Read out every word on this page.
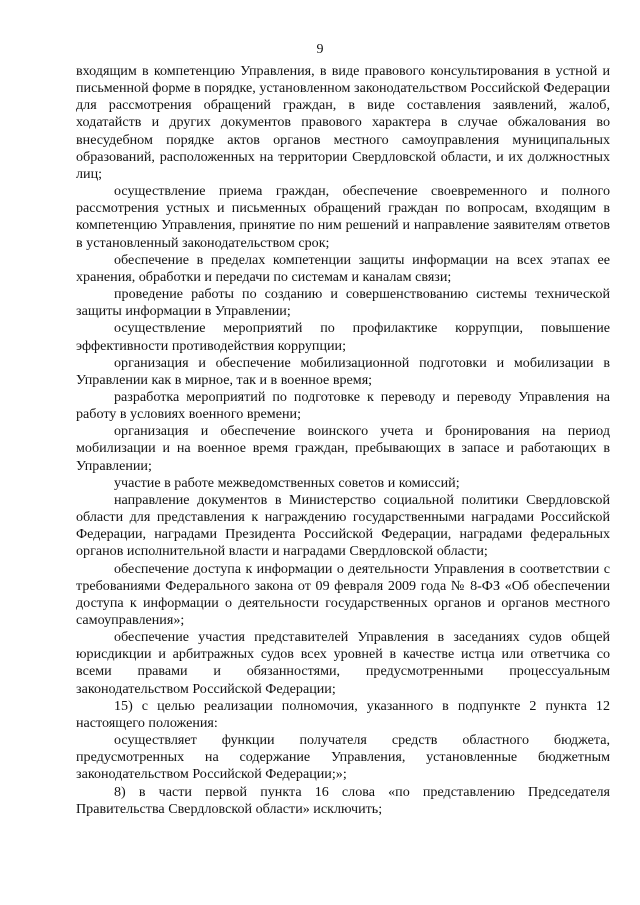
9

входящим в компетенцию Управления, в виде правового консультирования в устной и письменной форме в порядке, установленном законодательством Российской Федерации для рассмотрения обращений граждан, в виде составления заявлений, жалоб, ходатайств и других документов правового характера в случае обжалования во внесудебном порядке актов органов местного самоуправления муниципальных образований, расположенных на территории Свердловской области, и их должностных лиц;

осуществление приема граждан, обеспечение своевременного и полного рассмотрения устных и письменных обращений граждан по вопросам, входящим в компетенцию Управления, принятие по ним решений и направление заявителям ответов в установленный законодательством срок;

обеспечение в пределах компетенции защиты информации на всех этапах ее хранения, обработки и передачи по системам и каналам связи;

проведение работы по созданию и совершенствованию системы технической защиты информации в Управлении;

осуществление мероприятий по профилактике коррупции, повышение эффективности противодействия коррупции;

организация и обеспечение мобилизационной подготовки и мобилизации в Управлении как в мирное, так и в военное время;

разработка мероприятий по подготовке к переводу и переводу Управления на работу в условиях военного времени;

организация и обеспечение воинского учета и бронирования на период мобилизации и на военное время граждан, пребывающих в запасе и работающих в Управлении;

участие в работе межведомственных советов и комиссий;

направление документов в Министерство социальной политики Свердловской области для представления к награждению государственными наградами Российской Федерации, наградами Президента Российской Федерации, наградами федеральных органов исполнительной власти и наградами Свердловской области;

обеспечение доступа к информации о деятельности Управления в соответствии с требованиями Федерального закона от 09 февраля 2009 года № 8-ФЗ «Об обеспечении доступа к информации о деятельности государственных органов и органов местного самоуправления»;

обеспечение участия представителей Управления в заседаниях судов общей юрисдикции и арбитражных судов всех уровней в качестве истца или ответчика со всеми правами и обязанностями, предусмотренными процессуальным законодательством Российской Федерации;

15) с целью реализации полномочия, указанного в подпункте 2 пункта 12 настоящего положения:

осуществляет функции получателя средств областного бюджета, предусмотренных на содержание Управления, установленные бюджетным законодательством Российской Федерации;»;

8) в части первой пункта 16 слова «по представлению Председателя Правительства Свердловской области» исключить;
